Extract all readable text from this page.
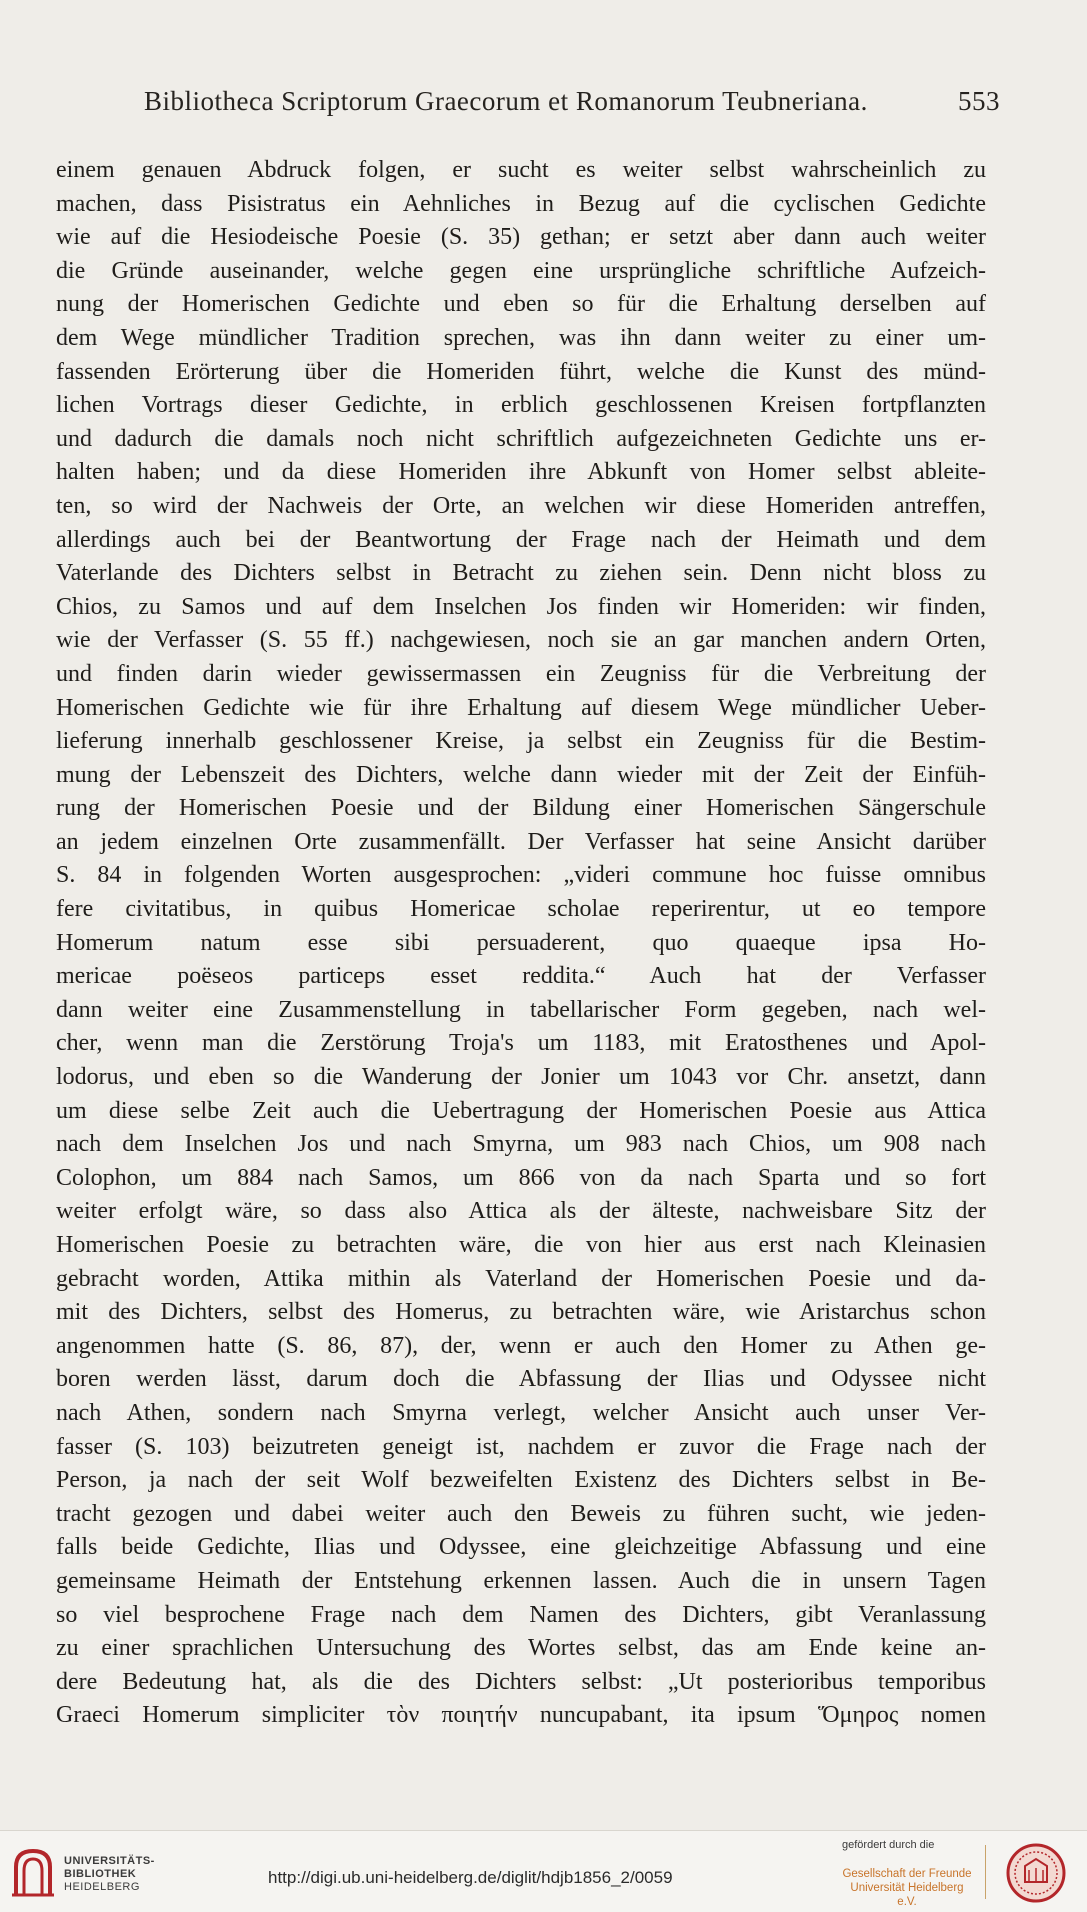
Bibliotheca Scriptorum Graecorum et Romanorum Teubneriana.	553
einem genauen Abdruck folgen, er sucht es weiter selbst wahrscheinlich zu
machen, dass Pisistratus ein Aehnliches in Bezug auf die cyclischen Gedichte
wie auf die Hesiodeische Poesie (S. 35) gethan; er setzt aber dann auch weiter
die Gründe auseinander, welche gegen eine ursprüngliche schriftliche Aufzeich-
nung der Homerischen Gedichte und eben so für die Erhaltung derselben auf
dem Wege mündlicher Tradition sprechen, was ihn dann weiter zu einer um-
fassenden Erörterung über die Homeriden führt, welche die Kunst des münd-
lichen Vortrags dieser Gedichte, in erblich geschlossenen Kreisen fortpflanzten
und dadurch die damals noch nicht schriftlich aufgezeichneten Gedichte uns er-
halten haben; und da diese Homeriden ihre Abkunft von Homer selbst ableite-
ten, so wird der Nachweis der Orte, an welchen wir diese Homeriden antreffen,
allerdings auch bei der Beantwortung der Frage nach der Heimath und dem
Vaterlande des Dichters selbst in Betracht zu ziehen sein. Denn nicht bloss zu
Chios, zu Samos und auf dem Inselchen Jos finden wir Homeriden: wir finden,
wie der Verfasser (S. 55 ff.) nachgewiesen, noch sie an gar manchen andern Orten,
und finden darin wieder gewissermassen ein Zeugniss für die Verbreitung der
Homerischen Gedichte wie für ihre Erhaltung auf diesem Wege mündlicher Ueber-
lieferung innerhalb geschlossener Kreise, ja selbst ein Zeugniss für die Bestim-
mung der Lebenszeit des Dichters, welche dann wieder mit der Zeit der Einfüh-
rung der Homerischen Poesie und der Bildung einer Homerischen Sängerschule
an jedem einzelnen Orte zusammenfällt. Der Verfasser hat seine Ansicht darüber
S. 84 in folgenden Worten ausgesprochen: „videri commune hoc fuisse omnibus
fere civitatibus, in quibus Homericae scholae reperirentur, ut eo tempore
Homerum natum esse sibi persuaderent, quo quaeque ipsa Ho-
mericae poëseos particeps esset reddita.“ Auch hat der Verfasser
dann weiter eine Zusammenstellung in tabellarischer Form gegeben, nach wel-
cher, wenn man die Zerstörung Troja's um 1183, mit Eratosthenes und Apol-
lodorus, und eben so die Wanderung der Jonier um 1043 vor Chr. ansetzt, dann
um diese selbe Zeit auch die Uebertragung der Homerischen Poesie aus Attica
nach dem Inselchen Jos und nach Smyrna, um 983 nach Chios, um 908 nach
Colophon, um 884 nach Samos, um 866 von da nach Sparta und so fort
weiter erfolgt wäre, so dass also Attica als der älteste, nachweisbare Sitz der
Homerischen Poesie zu betrachten wäre, die von hier aus erst nach Kleinasien
gebracht worden, Attika mithin als Vaterland der Homerischen Poesie und da-
mit des Dichters, selbst des Homerus, zu betrachten wäre, wie Aristarchus schon
angenommen hatte (S. 86, 87), der, wenn er auch den Homer zu Athen ge-
boren werden lässt, darum doch die Abfassung der Ilias und Odyssee nicht
nach Athen, sondern nach Smyrna verlegt, welcher Ansicht auch unser Ver-
fasser (S. 103) beizutreten geneigt ist, nachdem er zuvor die Frage nach der
Person, ja nach der seit Wolf bezweifelten Existenz des Dichters selbst in Be-
tracht gezogen und dabei weiter auch den Beweis zu führen sucht, wie jeden-
falls beide Gedichte, Ilias und Odyssee, eine gleichzeitige Abfassung und eine
gemeinsame Heimath der Entstehung erkennen lassen. Auch die in unsern Tagen
so viel besprochene Frage nach dem Namen des Dichters, gibt Veranlassung
zu einer sprachlichen Untersuchung des Wortes selbst, das am Ende keine an-
dere Bedeutung hat, als die des Dichters selbst: „Ut posterioribus temporibus
Graeci Homerum simpliciter τὸν ποιητήν nuncupabant, ita ipsum Ὅμηρος nomen
UNIVERSITÄTS-
BIBLIOTHEK
HEIDELBERG	http://digi.ub.uni-heidelberg.de/diglit/hdjb1856_2/0059
gefördert durch die
Gesellschaft der Freunde
Universität Heidelberg e.V.
